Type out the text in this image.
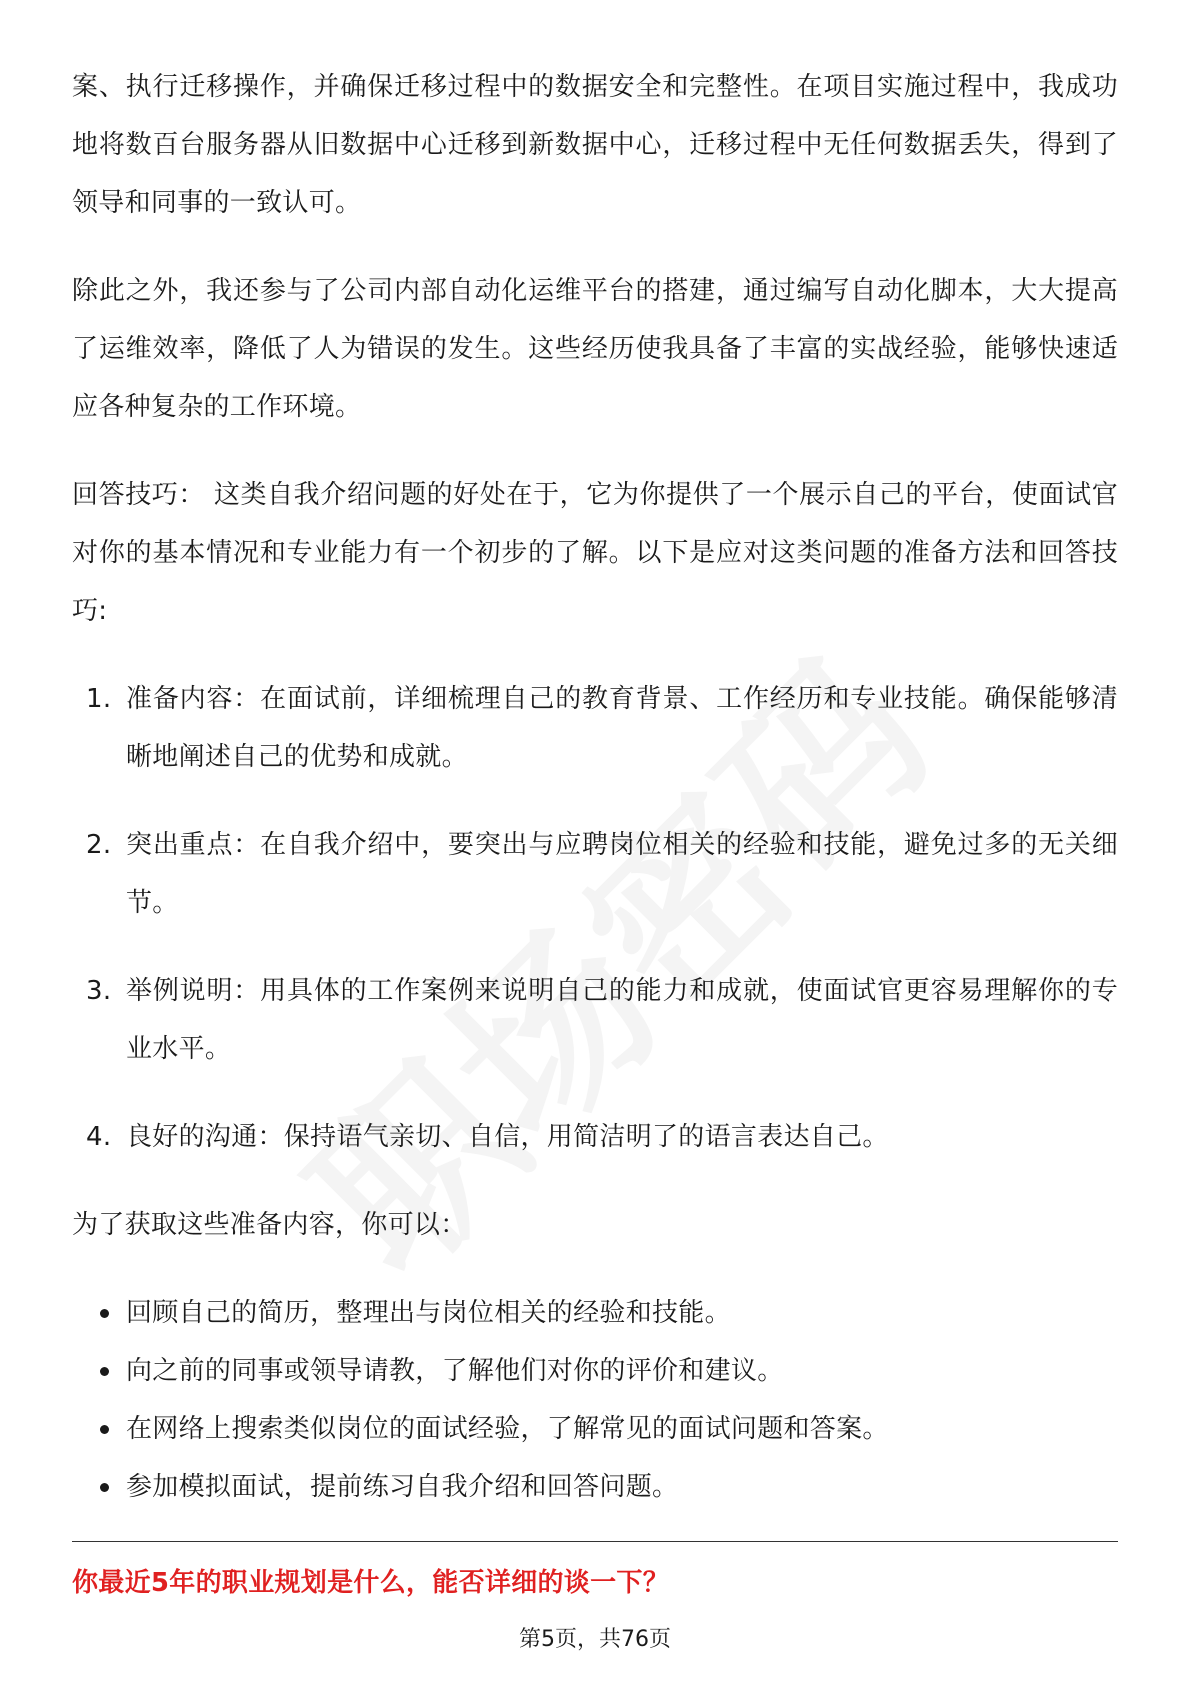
案、执行迁移操作，并确保迁移过程中的数据安全和完整性。在项目实施过程中，我成功地将数百台服务器从旧数据中心迁移到新数据中心，迁移过程中无任何数据丢失，得到了领导和同事的一致认可。

除此之外，我还参与了公司内部自动化运维平台的搭建，通过编写自动化脚本，大大提高了运维效率，降低了人为错误的发生。这些经历使我具备了丰富的实战经验，能够快速适应各种复杂的工作环境。

回答技巧： 这类自我介绍问题的好处在于，它为你提供了一个展示自己的平台，使面试官对你的基本情况和专业能力有一个初步的了解。以下是应对这类问题的准备方法和回答技巧:

1. 准备内容：在面试前，详细梳理自己的教育背景、工作经历和专业技能。确保能够清晰地阐述自己的优势和成就。
2. 突出重点：在自我介绍中，要突出与应聘岗位相关的经验和技能，避免过多的无关细节。
3. 举例说明：用具体的工作案例来说明自己的能力和成就，使面试官更容易理解你的专业水平。
4. 良好的沟通：保持语气亲切、自信，用简洁明了的语言表达自己。

为了获取这些准备内容，你可以：

回顾自己的简历，整理出与岗位相关的经验和技能。
向之前的同事或领导请教，了解他们对你的评价和建议。
在网络上搜索类似岗位的面试经验，了解常见的面试问题和答案。
参加模拟面试，提前练习自我介绍和回答问题。
你最近5年的职业规划是什么，能否详细的谈一下？
第5页，共76页
